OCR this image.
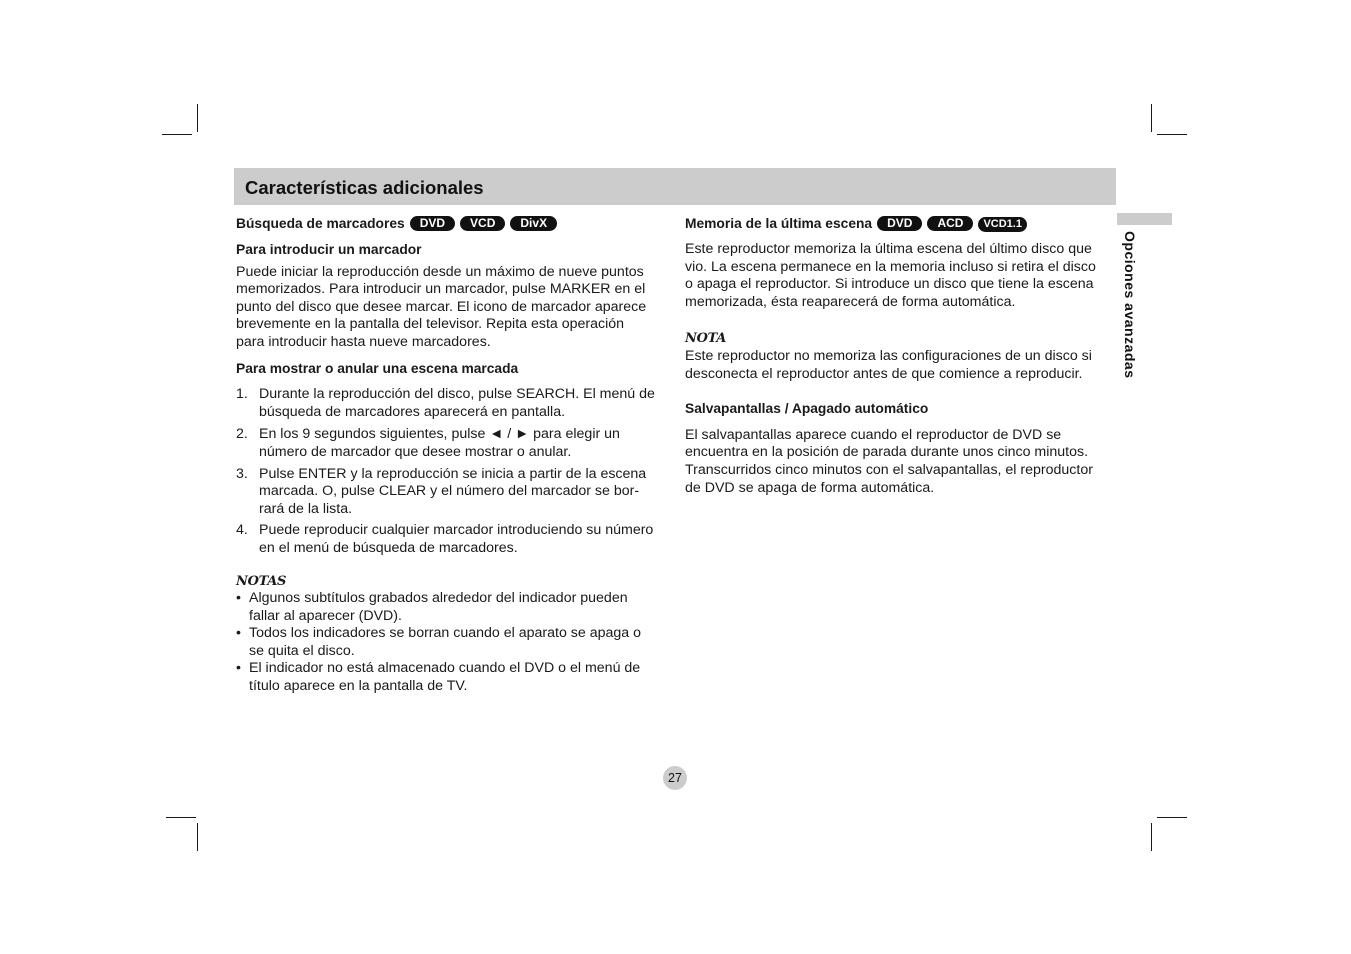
Características adicionales
Opciones avanzadas
Búsqueda de marcadores DVD VCD DivX

Para introducir un marcador

Puede iniciar la reproducción desde un máximo de nueve puntos
memorizados. Para introducir un marcador, pulse MARKER en el
punto del disco que desee marcar. El icono de marcador aparece
brevemente en la pantalla del televisor. Repita esta operación
para introducir hasta nueve marcadores.

Para mostrar o anular una escena marcada

1. Durante la reproducción del disco, pulse SEARCH. El menú de
búsqueda de marcadores aparecerá en pantalla.
2. En los 9 segundos siguientes, pulse ◄ / ► para elegir un
número de marcador que desee mostrar o anular.
3. Pulse ENTER y la reproducción se inicia a partir de la escena
marcada. O, pulse CLEAR y el número del marcador se bor-
rará de la lista.
4. Puede reproducir cualquier marcador introduciendo su número
en el menú de búsqueda de marcadores.

NOTAS

• Algunos subtítulos grabados alrededor del indicador pueden
fallar al aparecer (DVD).
• Todos los indicadores se borran cuando el aparato se apaga o
se quita el disco.
• El indicador no está almacenado cuando el DVD o el menú de
título aparece en la pantalla de TV.
Memoria de la última escena DVD ACD VCD1.1

Este reproductor memoriza la última escena del último disco que
vio. La escena permanece en la memoria incluso si retira el disco
o apaga el reproductor. Si introduce un disco que tiene la escena
memorizada, ésta reaparecerá de forma automática.

NOTA

Este reproductor no memoriza las configuraciones de un disco si
desconecta el reproductor antes de que comience a reproducir.

Salvapantallas / Apagado automático

El salvapantallas aparece cuando el reproductor de DVD se
encuentra en la posición de parada durante unos cinco minutos.
Transcurridos cinco minutos con el salvapantallas, el reproductor
de DVD se apaga de forma automática.

27
